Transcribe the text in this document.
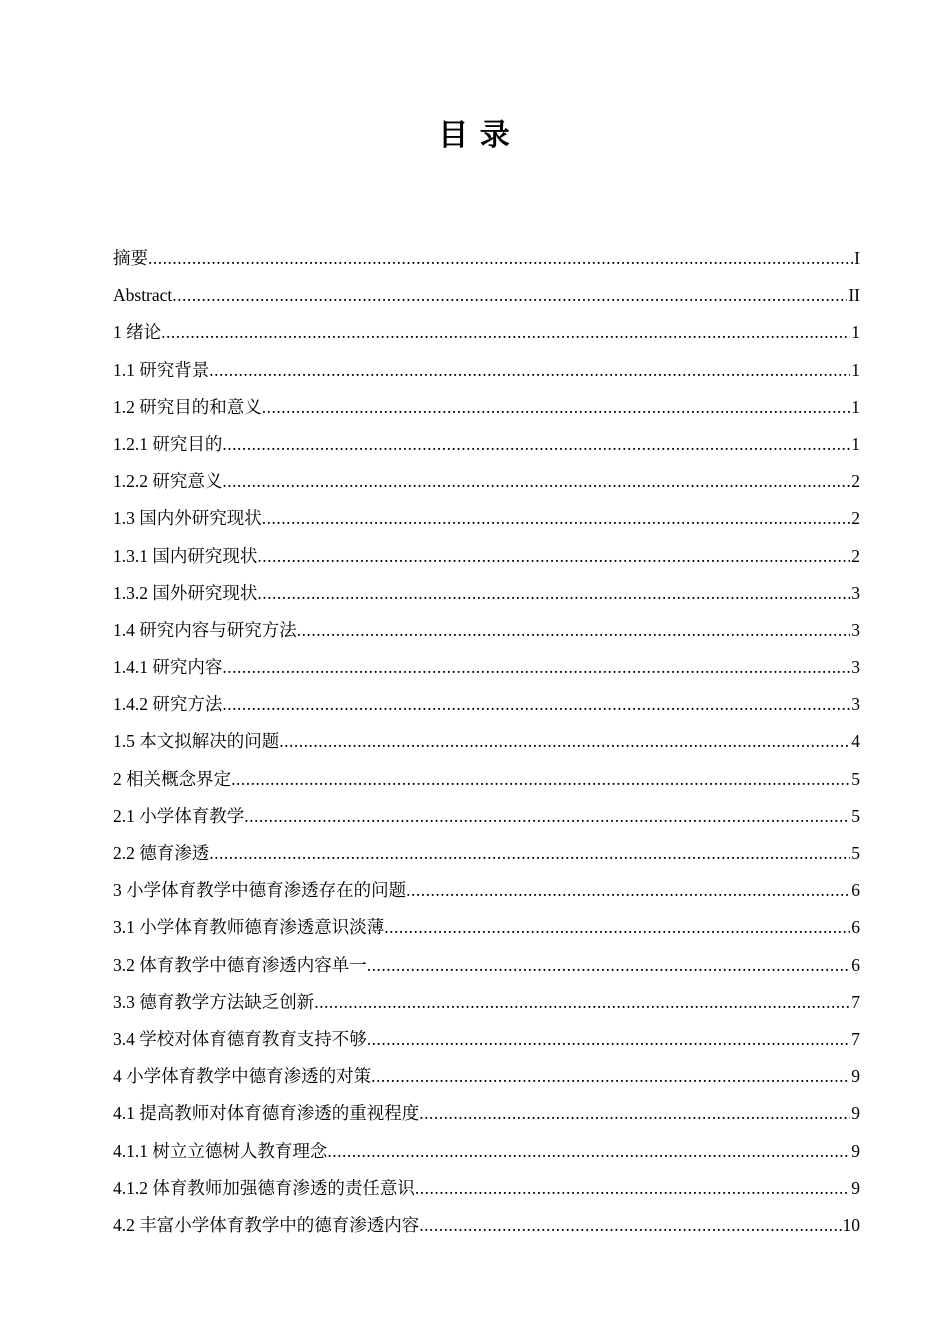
目 录
摘要 .....	I
Abstract .....	II
1 绪论 .....	1
1.1 研究背景 .....	1
1.2 研究目的和意义 .....	1
1.2.1 研究目的 .....	1
1.2.2 研究意义 .....	2
1.3 国内外研究现状 .....	2
1.3.1 国内研究现状 .....	2
1.3.2 国外研究现状 .....	3
1.4 研究内容与研究方法 .....	3
1.4.1 研究内容 .....	3
1.4.2 研究方法 .....	3
1.5 本文拟解决的问题 .....	4
2 相关概念界定 .....	5
2.1 小学体育教学 .....	5
2.2 德育渗透 .....	5
3 小学体育教学中德育渗透存在的问题 .....	6
3.1 小学体育教师德育渗透意识淡薄 .....	6
3.2 体育教学中德育渗透内容单一 .....	6
3.3 德育教学方法缺乏创新 .....	7
3.4 学校对体育德育教育支持不够 .....	7
4 小学体育教学中德育渗透的对策 .....	9
4.1 提高教师对体育德育渗透的重视程度 .....	9
4.1.1 树立立德树人教育理念 .....	9
4.1.2 体育教师加强德育渗透的责任意识 .....	9
4.2 丰富小学体育教学中的德育渗透内容 .....	10
